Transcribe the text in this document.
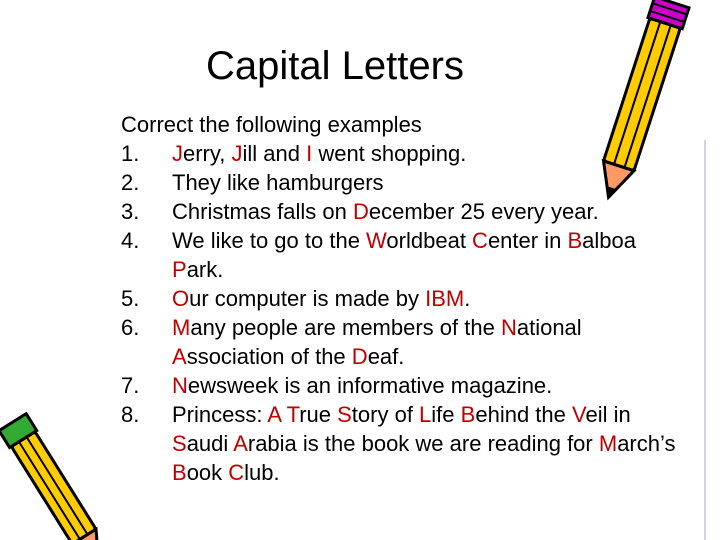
Capital Letters
Correct the following examples
1. Jerry, Jill and I went shopping.
2. They like hamburgers
3. Christmas falls on December 25 every year.
4. We like to go to the Worldbeat Center in Balboa Park.
5. Our computer is made by IBM.
6. Many people are members of the National Association of the Deaf.
7. Newsweek is an informative magazine.
8. Princess: A True Story of Life Behind the Veil in Saudi Arabia is the book we are reading for March’s Book Club.
